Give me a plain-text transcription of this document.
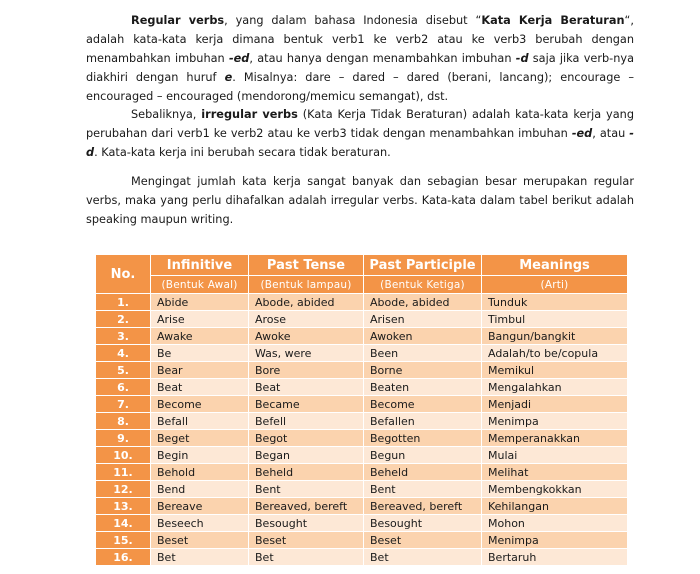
Regular verbs, yang dalam bahasa Indonesia disebut “Kata Kerja Beraturan“, adalah kata-kata kerja dimana bentuk verb1 ke verb2 atau ke verb3 berubah dengan menambahkan imbuhan -ed, atau hanya dengan menambahkan imbuhan -d saja jika verb-nya diakhiri dengan huruf e. Misalnya: dare – dared – dared (berani, lancang); encourage – encouraged – encouraged (mendorong/memicu semangat), dst.
Sebaliknya, irregular verbs (Kata Kerja Tidak Beraturan) adalah kata-kata kerja yang perubahan dari verb1 ke verb2 atau ke verb3 tidak dengan menambahkan imbuhan -ed, atau -d. Kata-kata kerja ini berubah secara tidak beraturan.
Mengingat jumlah kata kerja sangat banyak dan sebagian besar merupakan regular verbs, maka yang perlu dihafalkan adalah irregular verbs. Kata-kata dalam tabel berikut adalah speaking maupun writing.
No.	Infinitive	Past Tense	Past Participle	Meanings
	(Bentuk Awal)	(Bentuk lampau)	(Bentuk Ketiga)	(Arti)
1.	Abide	Abode, abided	Abode, abided	Tunduk
2.	Arise	Arose	Arisen	Timbul
3.	Awake	Awoke	Awoken	Bangun/bangkit
4.	Be	Was, were	Been	Adalah/to be/copula
5.	Bear	Bore	Borne	Memikul
6.	Beat	Beat	Beaten	Mengalahkan
7.	Become	Became	Become	Menjadi
8.	Befall	Befell	Befallen	Menimpa
9.	Beget	Begot	Begotten	Memperanakkan
10.	Begin	Began	Begun	Mulai
11.	Behold	Beheld	Beheld	Melihat
12.	Bend	Bent	Bent	Membengkokkan
13.	Bereave	Bereaved, bereft	Bereaved, bereft	Kehilangan
14.	Beseech	Besought	Besought	Mohon
15.	Beset	Beset	Beset	Menimpa
16.	Bet	Bet	Bet	Bertaruh
